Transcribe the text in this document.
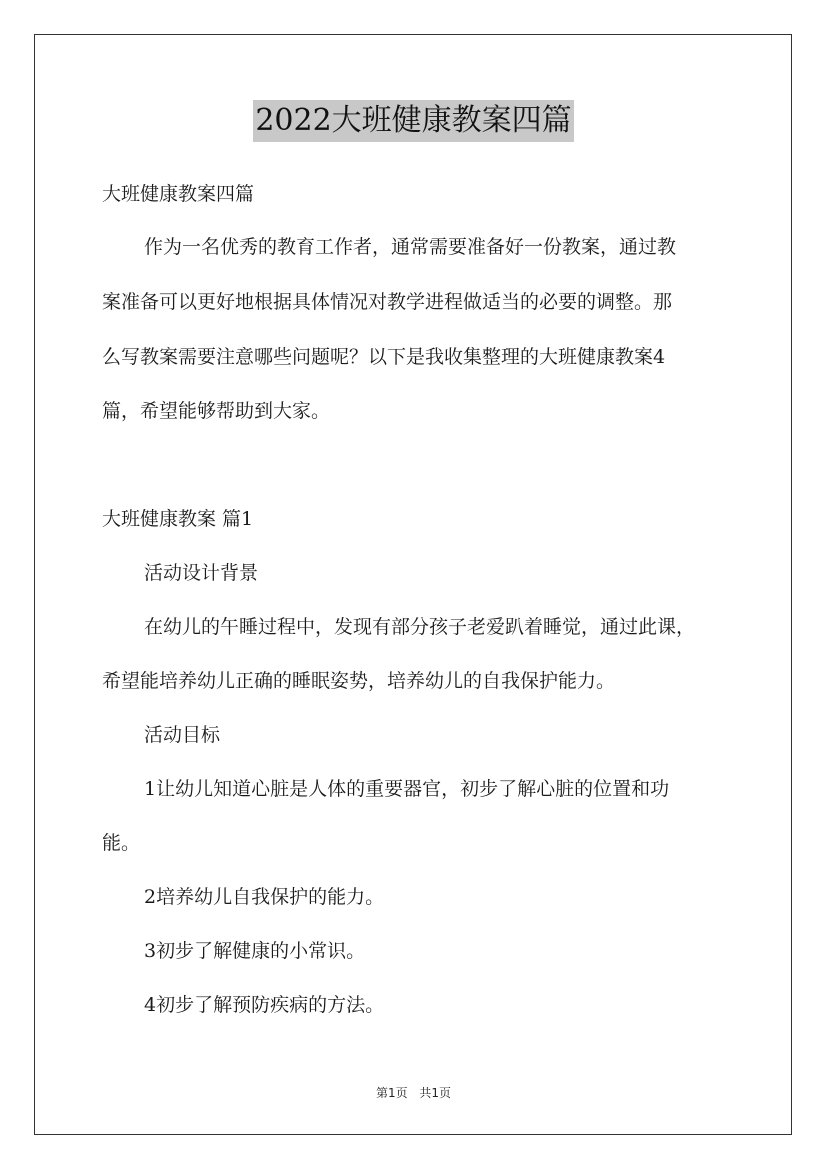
2022大班健康教案四篇
大班健康教案四篇
作为一名优秀的教育工作者，通常需要准备好一份教案，通过教
案准备可以更好地根据具体情况对教学进程做适当的必要的调整。那
么写教案需要注意哪些问题呢？以下是我收集整理的大班健康教案4
篇，希望能够帮助到大家。
大班健康教案 篇1
活动设计背景
在幼儿的午睡过程中，发现有部分孩子老爱趴着睡觉，通过此课，
希望能培养幼儿正确的睡眠姿势，培养幼儿的自我保护能力。
活动目标
1让幼儿知道心脏是人体的重要器官，初步了解心脏的位置和功
能。
2培养幼儿自我保护的能力。
3初步了解健康的小常识。
4初步了解预防疾病的方法。
第1页 共1页
